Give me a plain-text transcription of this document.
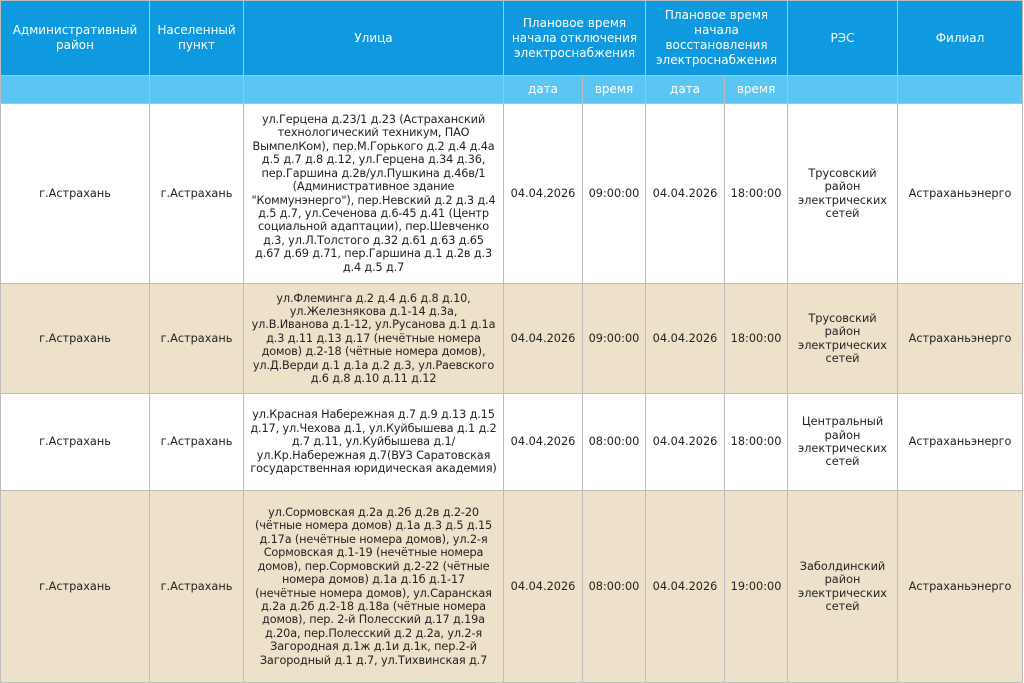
Административный район	Населенный пункт	Улица	Плановое время начала отключения электроснабжения		Плановое время начала восстановления электроснабжения		РЭС	Филиал
			дата	время	дата	время		
г.Астрахань	г.Астрахань	ул.Герцена д.23/1 д.23 (Астраханский технологический техникум, ПАО ВымпелКом), пер.М.Горького д.2 д.4 д.4а д.5 д.7 д.8 д.12, ул.Герцена д.34 д.36, пер.Гаршина д.2в/ул.Пушкина д.46в/1 (Административное здание "Коммунэнерго"), пер.Невский д.2 д.3 д.4 д.5 д.7, ул.Сеченова д.6-45 д.41 (Центр социальной адаптации), пер.Шевченко д.3, ул.Л.Толстого д.32 д.61 д.63 д.65 д.67 д.69 д.71, пер.Гаршина д.1 д.2в д.3 д.4 д.5 д.7	04.04.2026	09:00:00	04.04.2026	18:00:00	Трусовский район электрических сетей	Астраханьэнерго
г.Астрахань	г.Астрахань	ул.Флеминга д.2 д.4 д.6 д.8 д.10, ул.Железнякова д.1-14 д.3а, ул.В.Иванова д.1-12, ул.Русанова д.1 д.1а д.3 д.11 д.13 д.17 (нечётные номера домов) д.2-18 (чётные номера домов), ул.Д.Верди д.1 д.1а д.2 д.3, ул.Раевского д.6 д.8 д.10 д.11 д.12	04.04.2026	09:00:00	04.04.2026	18:00:00	Трусовский район электрических сетей	Астраханьэнерго
г.Астрахань	г.Астрахань	ул.Красная Набережная д.7 д.9 д.13 д.15 д.17, ул.Чехова д.1, ул.Куйбышева д.1 д.2 д.7 д.11, ул.Куйбышева д.1/ ул.Кр.Набережная д.7(ВУЗ Саратовская государственная юридическая академия)	04.04.2026	08:00:00	04.04.2026	18:00:00	Центральный район электрических сетей	Астраханьэнерго
г.Астрахань	г.Астрахань	ул.Сормовская д.2а д.2б д.2в д.2-20 (чётные номера домов) д.1а д.3 д.5 д.15 д.17а (нечётные номера домов), ул.2-я Сормовская д.1-19 (нечётные номера домов), пер.Сормовский д.2-22 (чётные номера домов) д.1а д.1б д.1-17 (нечётные номера домов), ул.Саранская д.2а д.2б д.2-18 д.18а (чётные номера домов), пер. 2-й Полесский д.17 д.19а д.20а, пер.Полесский д.2 д.2а, ул.2-я Загородная д.1ж д.1и д.1к, пер.2-й Загородный д.1 д.7, ул.Тихвинская д.7	04.04.2026	08:00:00	04.04.2026	19:00:00	Заболдинский район электрических сетей	Астраханьэнерго
